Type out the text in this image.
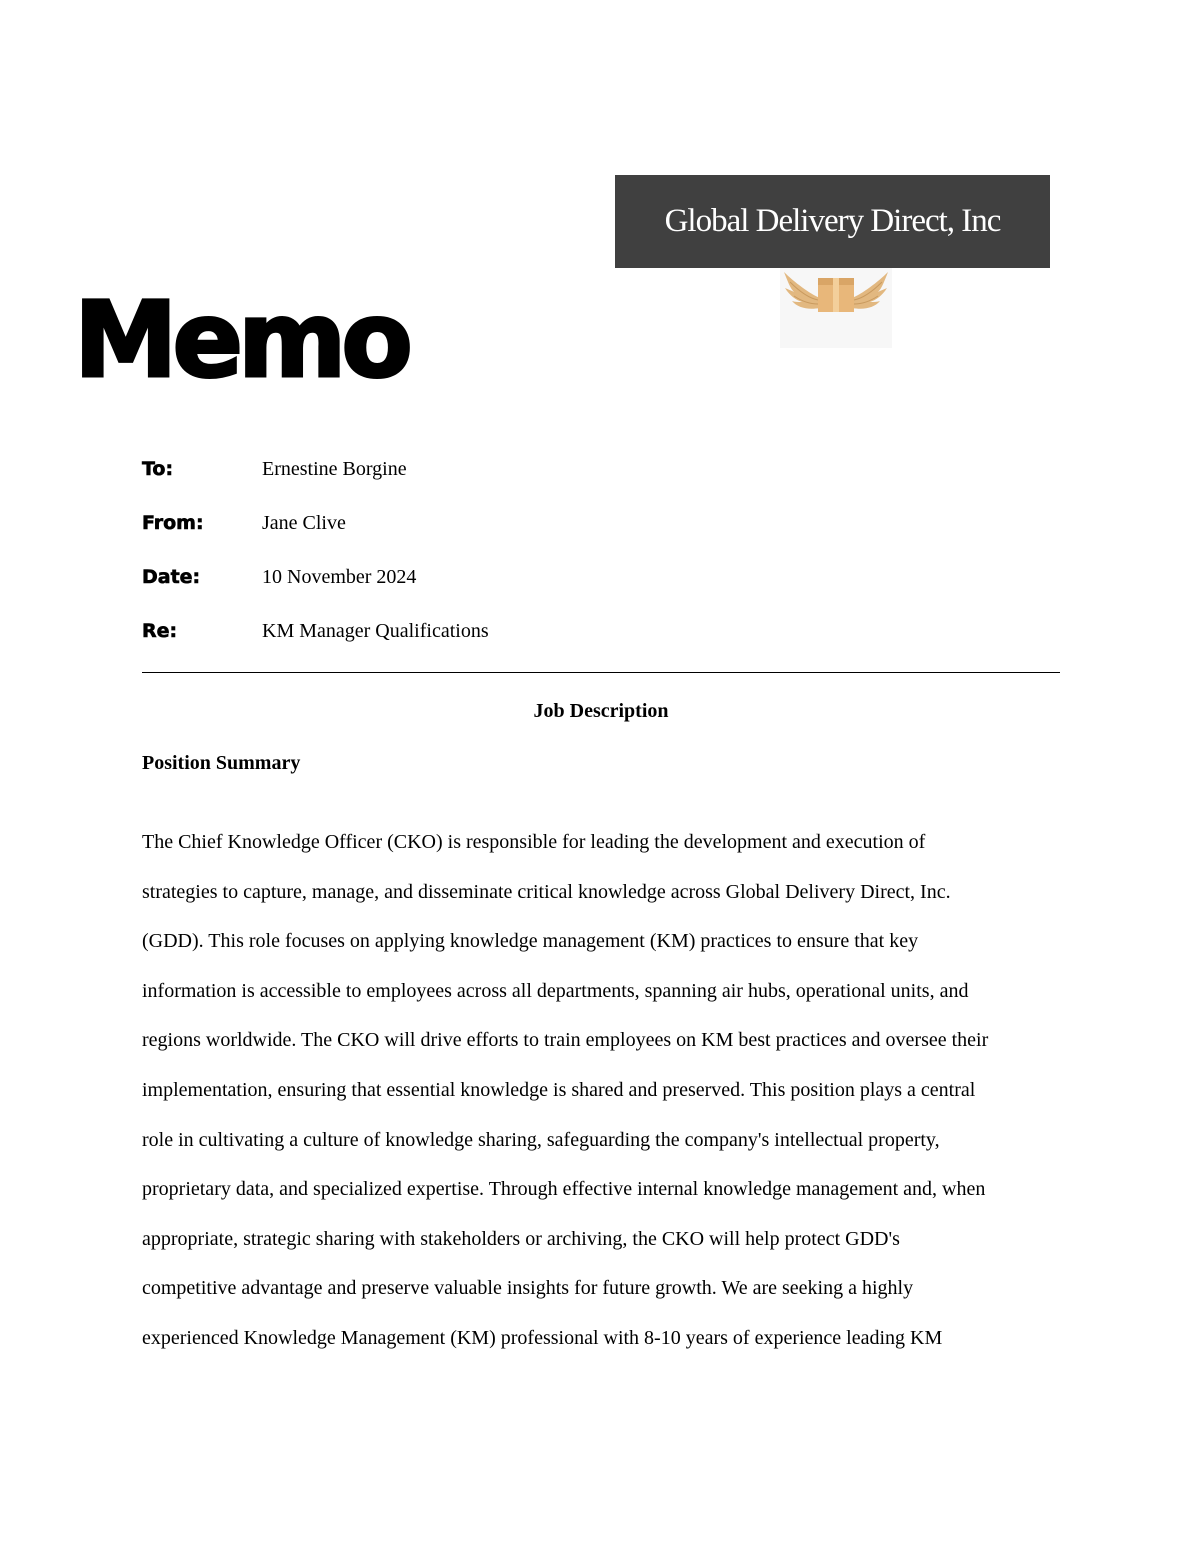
Global Delivery Direct, Inc
Memo
To:	Ernestine Borgine
From:	Jane Clive
Date:	10 November 2024
Re:	KM Manager Qualifications
Job Description
Position Summary

The Chief Knowledge Officer (CKO) is responsible for leading the development and execution of
strategies to capture, manage, and disseminate critical knowledge across Global Delivery Direct, Inc.
(GDD). This role focuses on applying knowledge management (KM) practices to ensure that key
information is accessible to employees across all departments, spanning air hubs, operational units, and
regions worldwide. The CKO will drive efforts to train employees on KM best practices and oversee their
implementation, ensuring that essential knowledge is shared and preserved. This position plays a central
role in cultivating a culture of knowledge sharing, safeguarding the company's intellectual property,
proprietary data, and specialized expertise. Through effective internal knowledge management and, when
appropriate, strategic sharing with stakeholders or archiving, the CKO will help protect GDD's
competitive advantage and preserve valuable insights for future growth. We are seeking a highly
experienced Knowledge Management (KM) professional with 8-10 years of experience leading KM
